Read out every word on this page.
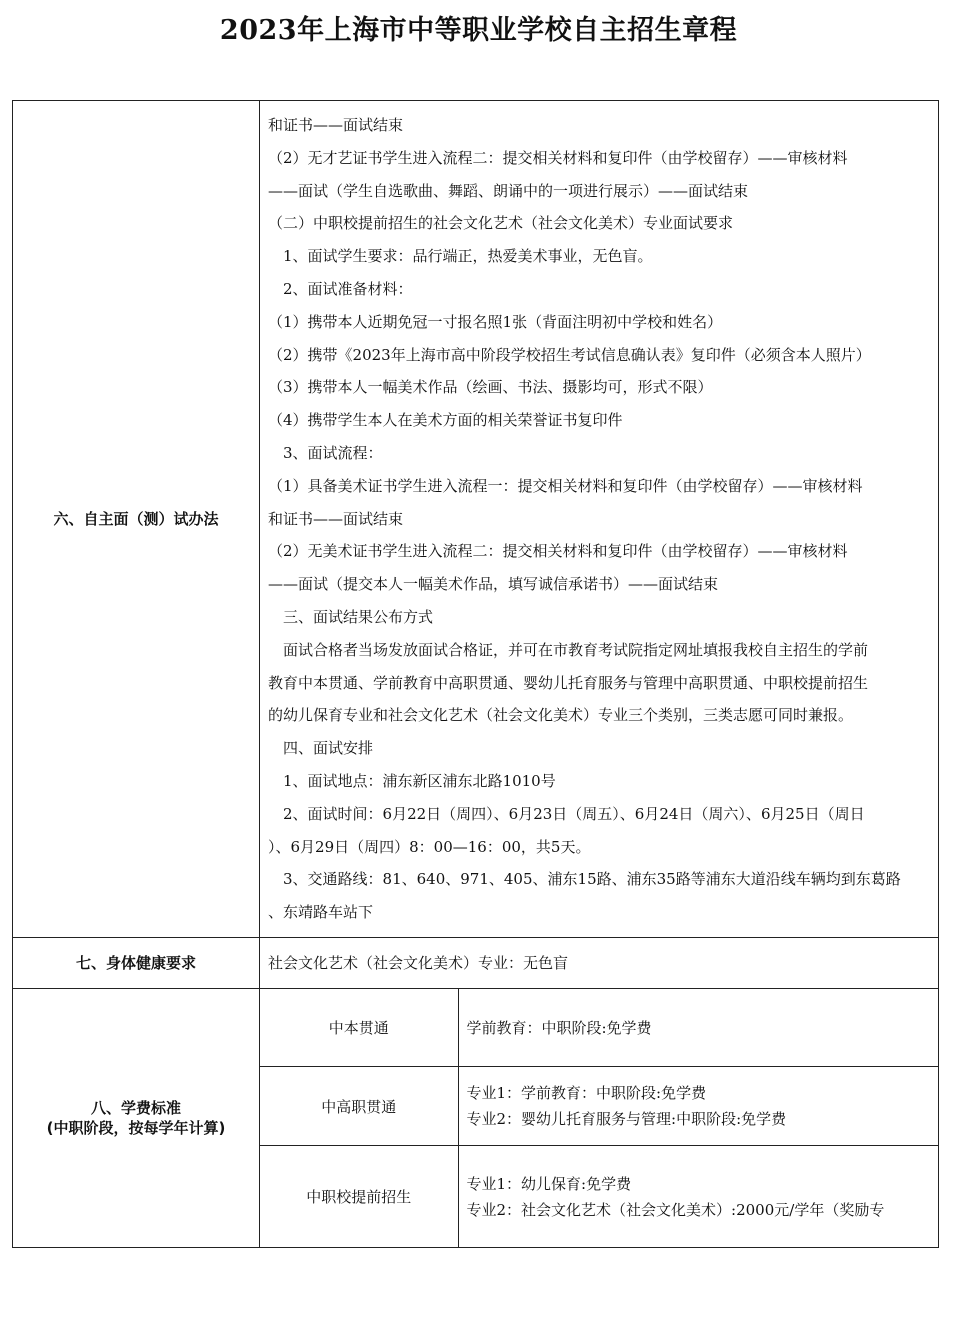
2023年上海市中等职业学校自主招生章程
六、自主面（测）试办法	

和证书——面试结束

（2）无才艺证书学生进入流程二：提交相关材料和复印件（由学校留存）——审核材料

——面试（学生自选歌曲、舞蹈、朗诵中的一项进行展示）——面试结束

（二）中职校提前招生的社会文化艺术（社会文化美术）专业面试要求

　1、面试学生要求：品行端正，热爱美术事业，无色盲。

　2、面试准备材料：

（1）携带本人近期免冠一寸报名照1张（背面注明初中学校和姓名）

（2）携带《2023年上海市高中阶段学校招生考试信息确认表》复印件（必须含本人照片）

（3）携带本人一幅美术作品（绘画、书法、摄影均可，形式不限）

（4）携带学生本人在美术方面的相关荣誉证书复印件

　3、面试流程：

（1）具备美术证书学生进入流程一：提交相关材料和复印件（由学校留存）——审核材料

和证书——面试结束

（2）无美术证书学生进入流程二：提交相关材料和复印件（由学校留存）——审核材料

——面试（提交本人一幅美术作品，填写诚信承诺书）——面试结束

　三、面试结果公布方式

　面试合格者当场发放面试合格证，并可在市教育考试院指定网址填报我校自主招生的学前

教育中本贯通、学前教育中高职贯通、婴幼儿托育服务与管理中高职贯通、中职校提前招生

的幼儿保育专业和社会文化艺术（社会文化美术）专业三个类别，三类志愿可同时兼报。

　四、面试安排

　1、面试地点：浦东新区浦东北路1010号

　2、面试时间：6月22日（周四）、6月23日（周五）、6月24日（周六）、6月25日（周日

）、6月29日（周四）8：00—16：00，共5天。

　3、交通路线：81、640、971、405、浦东15路、浦东35路等浦东大道沿线车辆均到东葛路

、东靖路车站下

七、身体健康要求	社会文化艺术（社会文化美术）专业：无色盲

八、学费标准
(中职阶段，按每学年计算)

中本贯通	学前教育：中职阶段:免学费

中高职贯通	
专业1：学前教育：中职阶段:免学费
专业2：婴幼儿托育服务与管理:中职阶段:免学费

中职校提前招生	
专业1：幼儿保育:免学费
专业2：社会文化艺术（社会文化美术）:2000元/学年（奖励专
